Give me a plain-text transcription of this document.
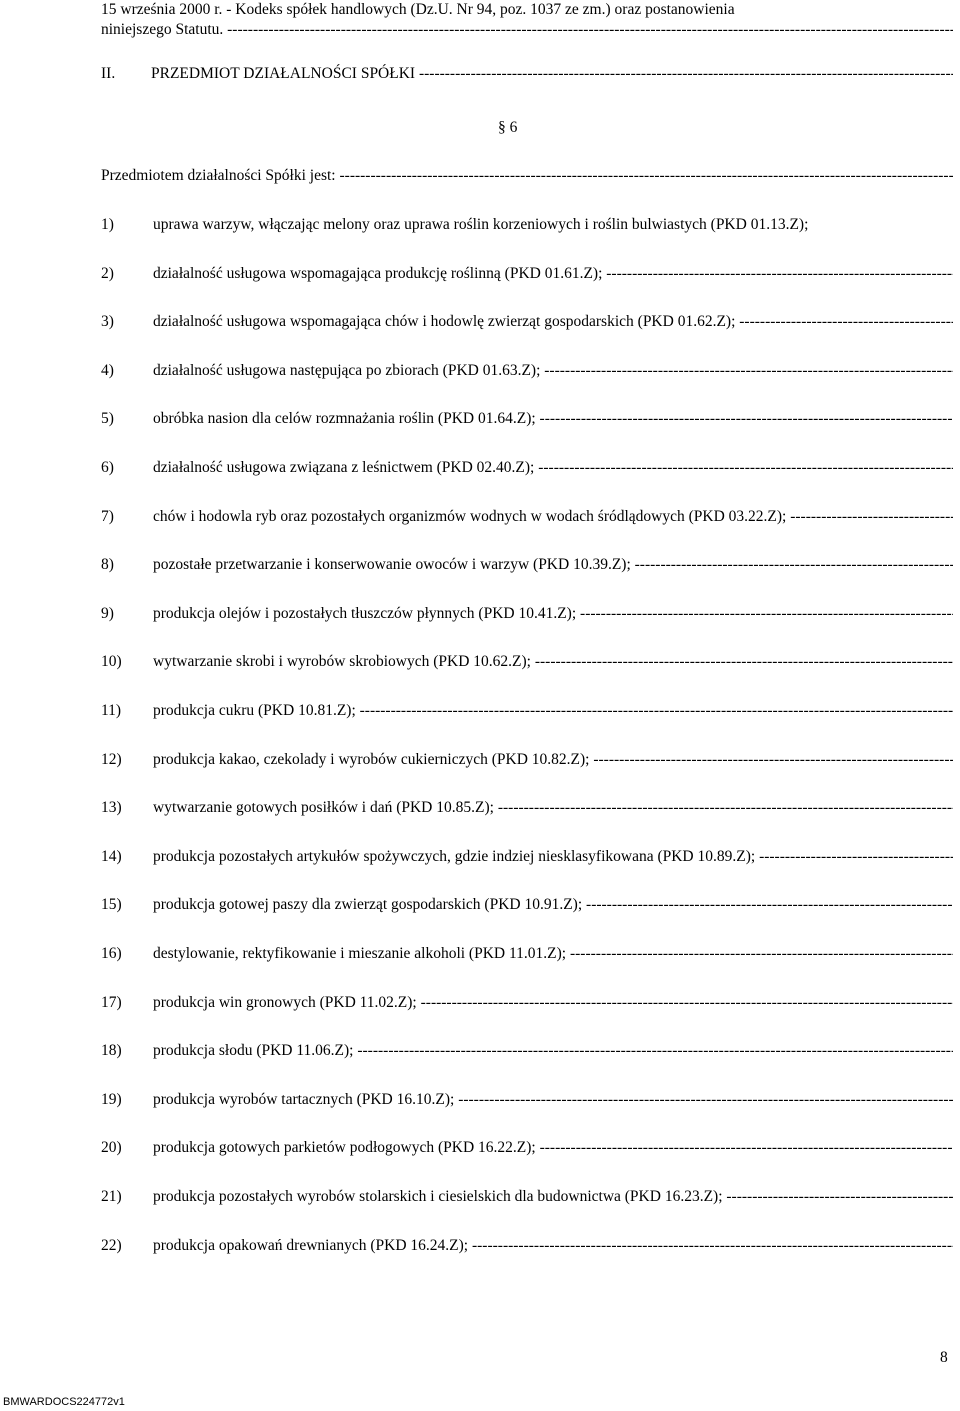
15 września 2000 r. - Kodeks spółek handlowych (Dz.U. Nr 94, poz. 1037 ze zm.) oraz postanowienia
niniejszego Statutu. -----
II. PRZEDMIOT DZIAŁALNOŚCI SPÓŁKI -----
§ 6
Przedmiotem działalności Spółki jest: -----
1)	uprawa warzyw, włączając melony oraz uprawa roślin korzeniowych i roślin bulwiastych (PKD 01.13.Z);
2)	działalność usługowa wspomagająca produkcję roślinną (PKD 01.61.Z); -----
3)	działalność usługowa wspomagająca chów i hodowlę zwierząt gospodarskich (PKD 01.62.Z); -----
4)	działalność usługowa następująca po zbiorach (PKD 01.63.Z); -----
5)	obróbka nasion dla celów rozmnażania roślin (PKD 01.64.Z); -----
6)	działalność usługowa związana z leśnictwem (PKD 02.40.Z); -----
7)	chów i hodowla ryb oraz pozostałych organizmów wodnych w wodach śródlądowych (PKD 03.22.Z); -----
8)	pozostałe przetwarzanie i konserwowanie owoców i warzyw (PKD 10.39.Z); -----
9)	produkcja olejów i pozostałych tłuszczów płynnych (PKD 10.41.Z); -----
10) wytwarzanie skrobi i wyrobów skrobiowych (PKD 10.62.Z); -----
11) produkcja cukru (PKD 10.81.Z); -----
12) produkcja kakao, czekolady i wyrobów cukierniczych (PKD 10.82.Z); -----
13) wytwarzanie gotowych posiłków i dań (PKD 10.85.Z); -----
14) produkcja pozostałych artykułów spożywczych, gdzie indziej niesklasyfikowana (PKD 10.89.Z); -----
15) produkcja gotowej paszy dla zwierząt gospodarskich (PKD 10.91.Z); -----
16) destylowanie, rektyfikowanie i mieszanie alkoholi (PKD 11.01.Z); -----
17) produkcja win gronowych (PKD 11.02.Z); -----
18) produkcja słodu (PKD 11.06.Z); -----
19) produkcja wyrobów tartacznych (PKD 16.10.Z); -----
20) produkcja gotowych parkietów podłogowych (PKD 16.22.Z); -----
21) produkcja pozostałych wyrobów stolarskich i ciesielskich dla budownictwa (PKD 16.23.Z); -----
22) produkcja opakowań drewnianych (PKD 16.24.Z); -----
8
BMWARDOCS224772v1
